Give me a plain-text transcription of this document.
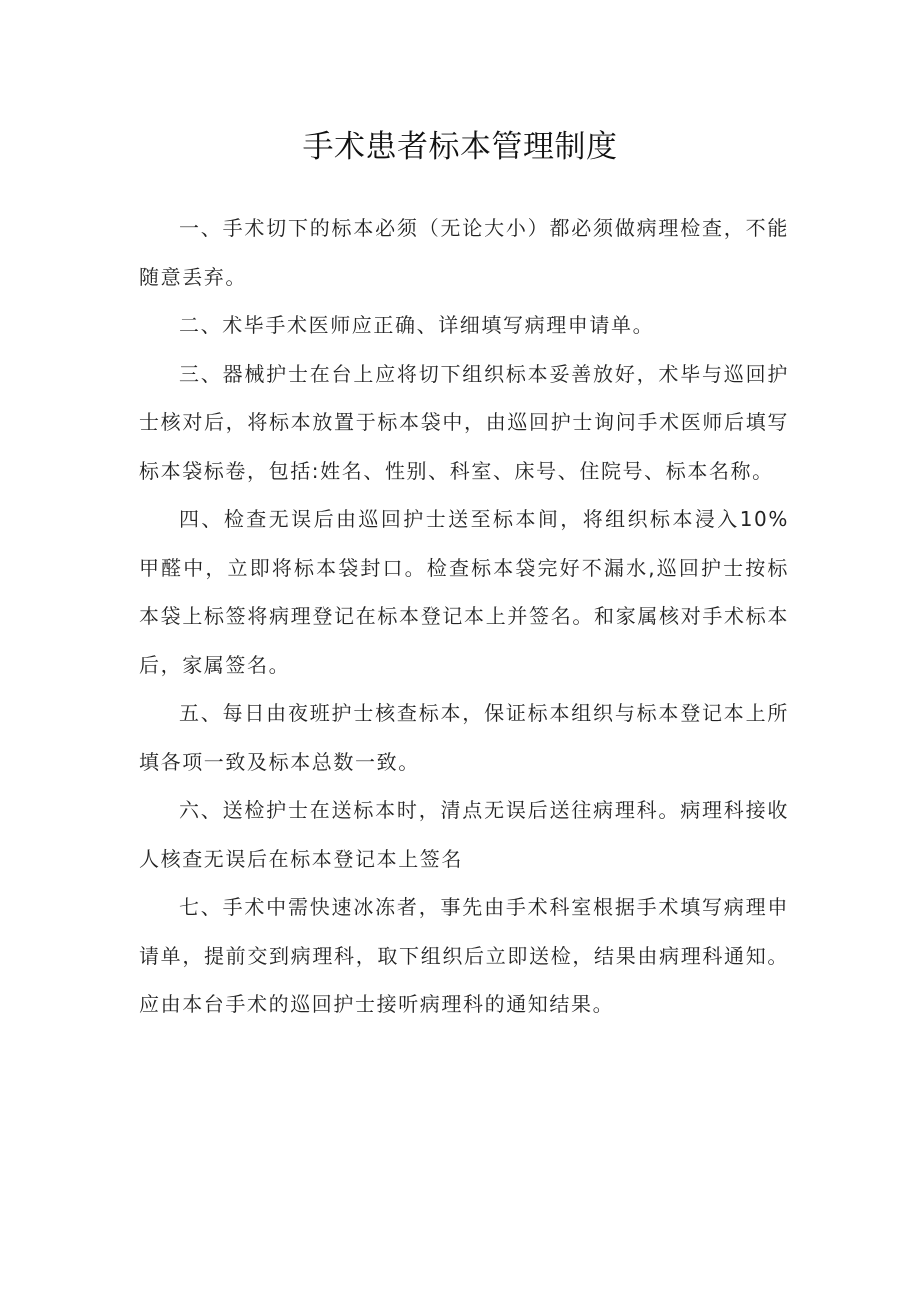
手术患者标本管理制度

一、手术切下的标本必须（无论大小）都必须做病理检查，不能随意丢弃。

二、术毕手术医师应正确、详细填写病理申请单。

三、器械护士在台上应将切下组织标本妥善放好，术毕与巡回护士核对后，将标本放置于标本袋中，由巡回护士询问手术医师后填写标本袋标卷，包括:姓名、性别、科室、床号、住院号、标本名称。

四、检查无误后由巡回护士送至标本间，将组织标本浸入10%甲醛中，立即将标本袋封口。检查标本袋完好不漏水,巡回护士按标本袋上标签将病理登记在标本登记本上并签名。和家属核对手术标本后，家属签名。

五、每日由夜班护士核查标本，保证标本组织与标本登记本上所填各项一致及标本总数一致。

六、送检护士在送标本时，清点无误后送往病理科。病理科接收人核查无误后在标本登记本上签名

七、手术中需快速冰冻者，事先由手术科室根据手术填写病理申请单，提前交到病理科，取下组织后立即送检，结果由病理科通知。应由本台手术的巡回护士接听病理科的通知结果。
